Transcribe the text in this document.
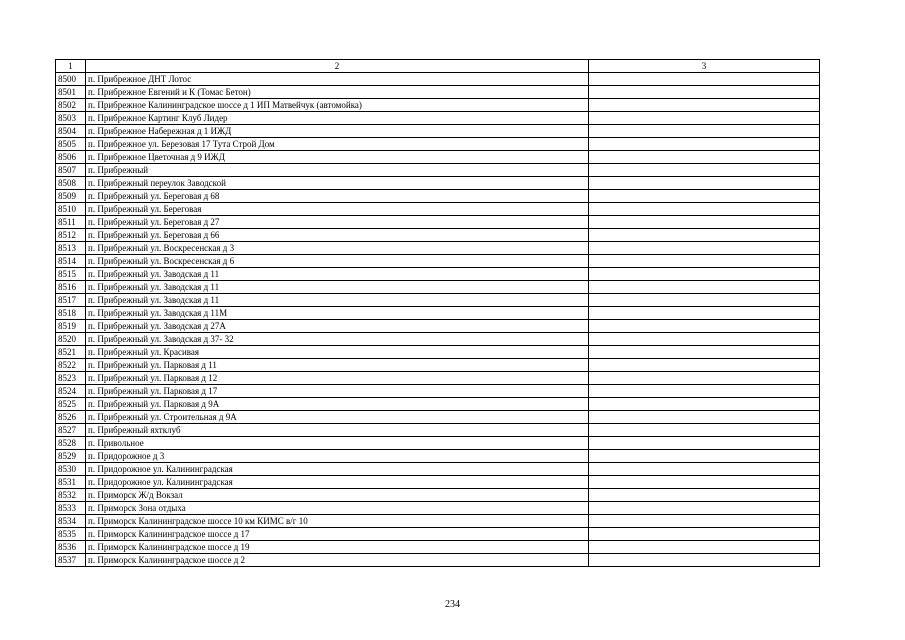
1	2	3
8500	п. Прибрежное ДНТ Лотос	
8501	п. Прибрежное Евгений и К (Томас Бетон)	
8502	п. Прибрежное Калининградское шоссе д 1 ИП Матвейчук (автомойка)	
8503	п. Прибрежное Картинг Клуб Лидер	
8504	п. Прибрежное Набережная д 1 ИЖД	
8505	п. Прибрежное ул. Березовая 17 Тута Строй Дом	
8506	п. Прибрежное Цветочная д 9 ИЖД	
8507	п. Прибрежный	
8508	п. Прибрежный переулок Заводской	
8509	п. Прибрежный ул. Береговая д 68	
8510	п. Прибрежный ул. Береговая	
8511	п. Прибрежный ул. Береговая д 27	
8512	п. Прибрежный ул. Береговая д 66	
8513	п. Прибрежный ул. Воскресенская д 3	
8514	п. Прибрежный ул. Воскресенская д 6	
8515	п. Прибрежный ул. Заводская д 11	
8516	п. Прибрежный ул. Заводская д 11	
8517	п. Прибрежный ул. Заводская д 11	
8518	п. Прибрежный ул. Заводская д 11М	
8519	п. Прибрежный ул. Заводская д 27А	
8520	п. Прибрежный ул. Заводская д 37- 32	
8521	п. Прибрежный ул. Красивая	
8522	п. Прибрежный ул. Парковая д 11	
8523	п. Прибрежный ул. Парковая д 12	
8524	п. Прибрежный ул. Парковая д 17	
8525	п. Прибрежный ул. Парковая д 9А	
8526	п. Прибрежный ул. Строительная д 9А	
8527	п. Прибрежный яхтклуб	
8528	п. Привольное	
8529	п. Придорожное д 3	
8530	п. Придорожное ул. Калининградская	
8531	п. Придорожное ул. Калининградская	
8532	п. Приморск Ж/д Вокзал	
8533	п. Приморск Зона отдыха	
8534	п. Приморск Калининградское шоссе 10 км КИМС в/г 10	
8535	п. Приморск Калининградское шоссе д 17	
8536	п. Приморск Калининградское шоссе д 19	
8537	п. Приморск Калининградское шоссе д 2	
234
